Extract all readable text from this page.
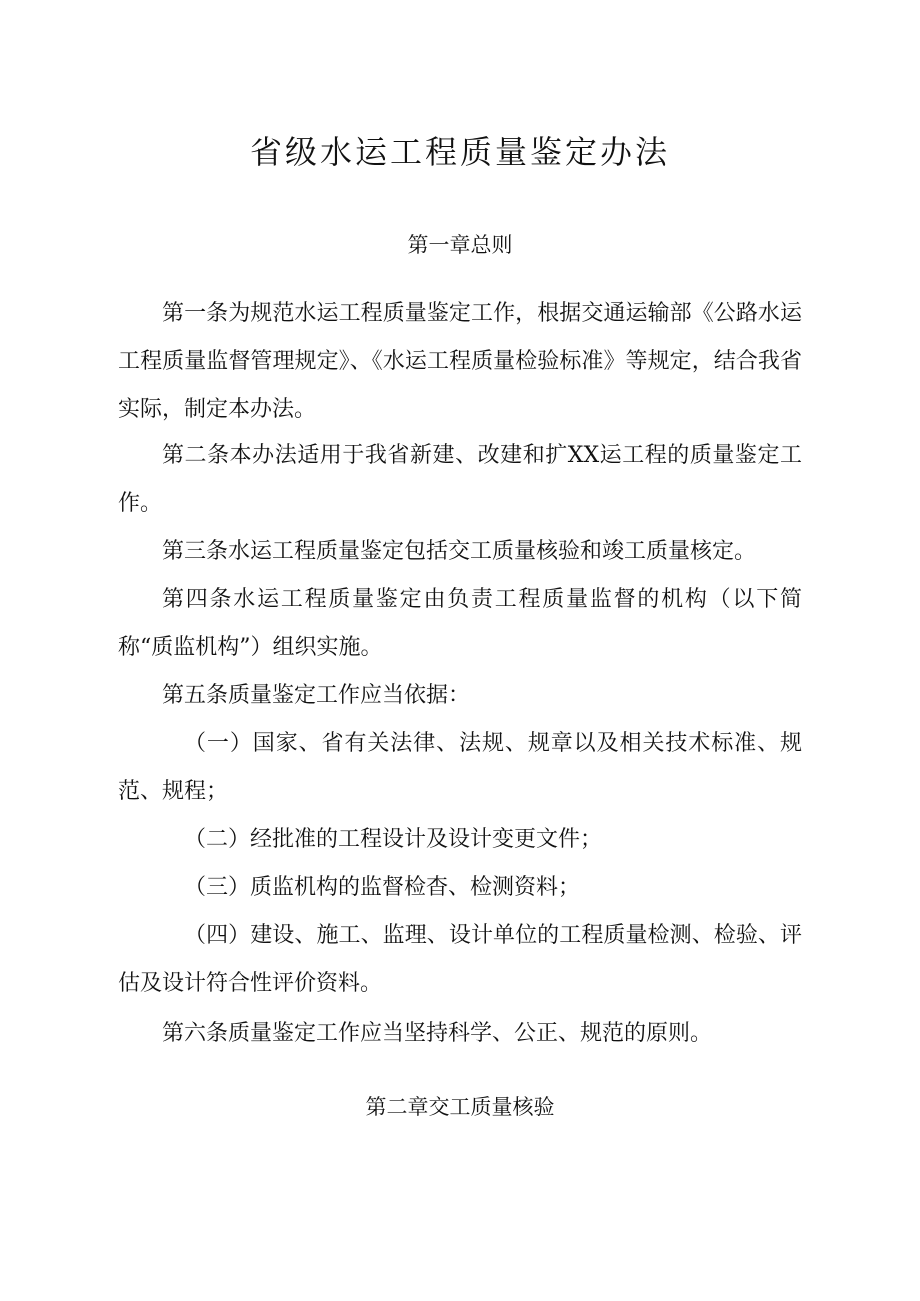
省级水运工程质量鉴定办法
第一章总则

第一条为规范水运工程质量鉴定工作，根据交通运输部《公路水运工程质量监督管理规定》、《水运工程质量检验标准》等规定，结合我省实际，制定本办法。

第二条本办法适用于我省新建、改建和扩XX运工程的质量鉴定工作。

第三条水运工程质量鉴定包括交工质量核验和竣工质量核定。

第四条水运工程质量鉴定由负责工程质量监督的机构（以下简称“质监机构”）组织实施。

第五条质量鉴定工作应当依据：

（一）国家、省有关法律、法规、规章以及相关技术标准、规范、规程；

（二）经批准的工程设计及设计变更文件；

（三）质监机构的监督检杳、检测资料；

（四）建设、施工、监理、设计单位的工程质量检测、检验、评估及设计符合性评价资料。

第六条质量鉴定工作应当坚持科学、公正、规范的原则。

第二章交工质量核验
